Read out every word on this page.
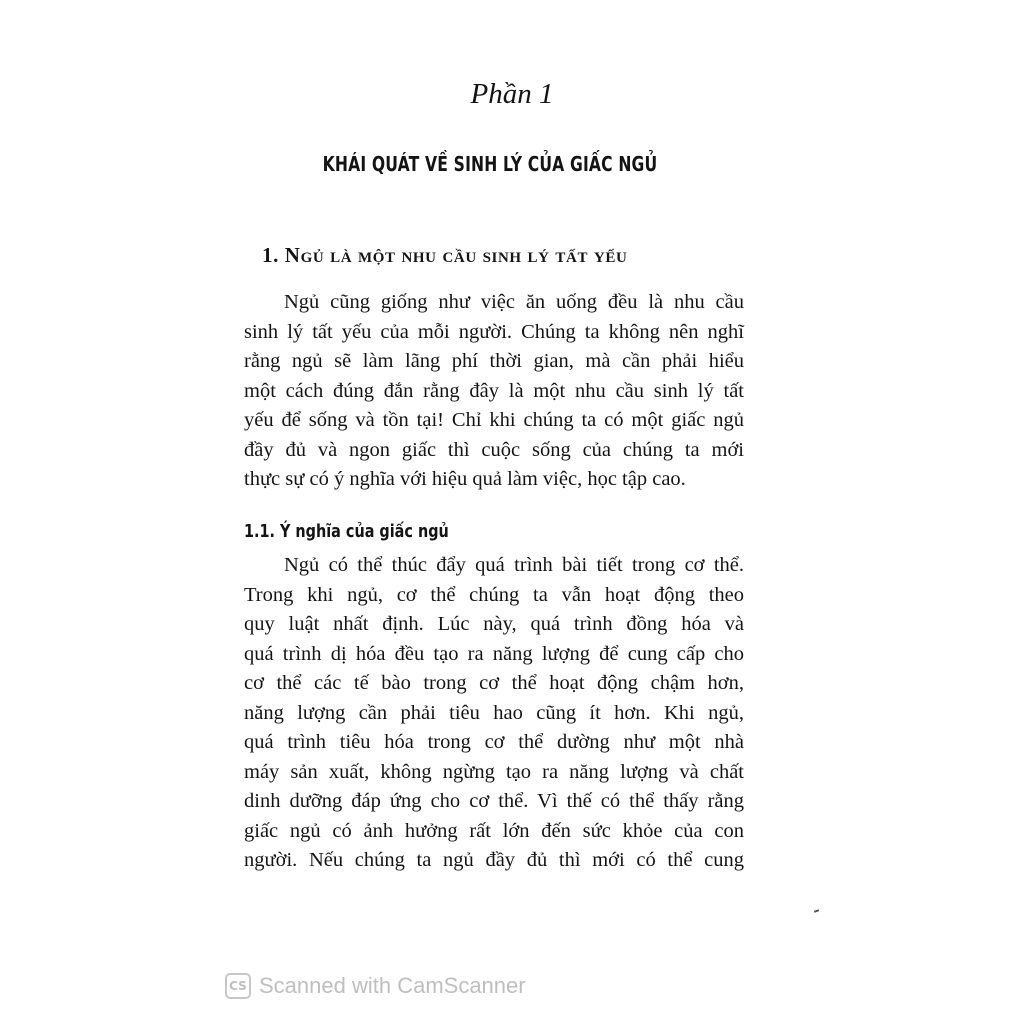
Phần 1
KHÁI QUÁT VỀ SINH LÝ CỦA GIẤC NGỦ
1. Ngủ là một nhu cầu sinh lý tất yếu
Ngủ cũng giống như việc ăn uống đều là nhu cầu
sinh lý tất yếu của mỗi người. Chúng ta không nên nghĩ
rằng ngủ sẽ làm lãng phí thời gian, mà cần phải hiểu
một cách đúng đắn rằng đây là một nhu cầu sinh lý tất
yếu để sống và tồn tại! Chỉ khi chúng ta có một giấc ngủ
đầy đủ và ngon giấc thì cuộc sống của chúng ta mới
thực sự có ý nghĩa với hiệu quả làm việc, học tập cao.
1.1. Ý nghĩa của giấc ngủ
Ngủ có thể thúc đẩy quá trình bài tiết trong cơ thể.
Trong khi ngủ, cơ thể chúng ta vẫn hoạt động theo
quy luật nhất định. Lúc này, quá trình đồng hóa và
quá trình dị hóa đều tạo ra năng lượng để cung cấp cho
cơ thể các tế bào trong cơ thể hoạt động chậm hơn,
năng lượng cần phải tiêu hao cũng ít hơn. Khi ngủ,
quá trình tiêu hóa trong cơ thể dường như một nhà
máy sản xuất, không ngừng tạo ra năng lượng và chất
dinh dưỡng đáp ứng cho cơ thể. Vì thế có thể thấy rằng
giấc ngủ có ảnh hưởng rất lớn đến sức khỏe của con
người. Nếu chúng ta ngủ đầy đủ thì mới có thể cung
CS Scanned with CamScanner
